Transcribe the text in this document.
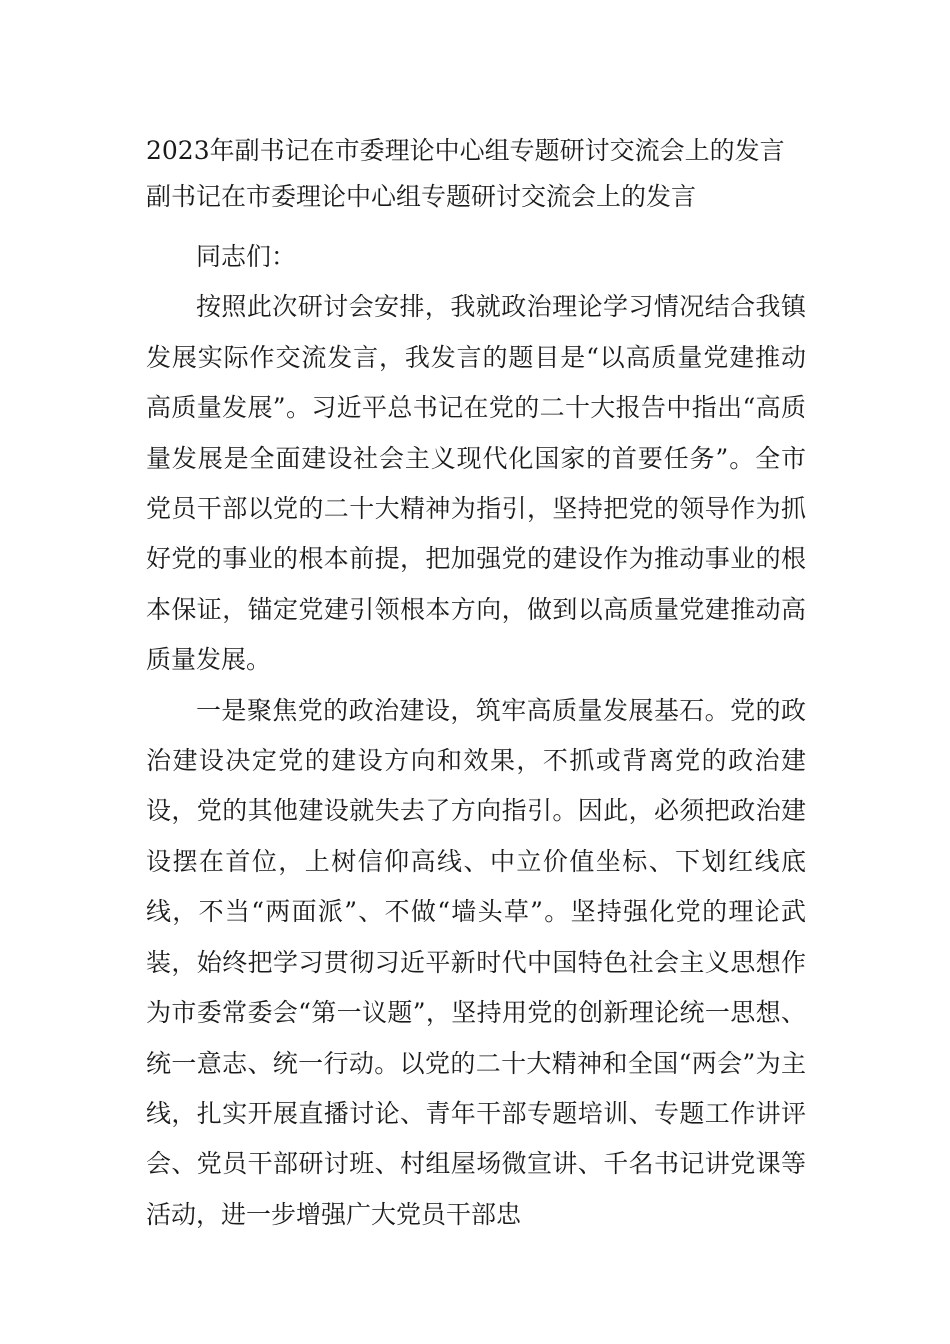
2023年副书记在市委理论中心组专题研讨交流会上的发言
副书记在市委理论中心组专题研讨交流会上的发言

同志们：

按照此次研讨会安排，我就政治理论学习情况结合我镇发展实际作交流发言，我发言的题目是“以高质量党建推动高质量发展”。习近平总书记在党的二十大报告中指出“高质量发展是全面建设社会主义现代化国家的首要任务”。全市党员干部以党的二十大精神为指引，坚持把党的领导作为抓好党的事业的根本前提，把加强党的建设作为推动事业的根本保证，锚定党建引领根本方向，做到以高质量党建推动高质量发展。

一是聚焦党的政治建设，筑牢高质量发展基石。党的政治建设决定党的建设方向和效果，不抓或背离党的政治建设，党的其他建设就失去了方向指引。因此，必须把政治建设摆在首位，上树信仰高线、中立价值坐标、下划红线底线，不当“两面派”、不做“墙头草”。坚持强化党的理论武装，始终把学习贯彻习近平新时代中国特色社会主义思想作为市委常委会“第一议题”，坚持用党的创新理论统一思想、统一意志、统一行动。以党的二十大精神和全国“两会”为主线，扎实开展直播讨论、青年干部专题培训、专题工作讲评会、党员干部研讨班、村组屋场微宣讲、千名书记讲党课等活动，进一步增强广大党员干部忠
